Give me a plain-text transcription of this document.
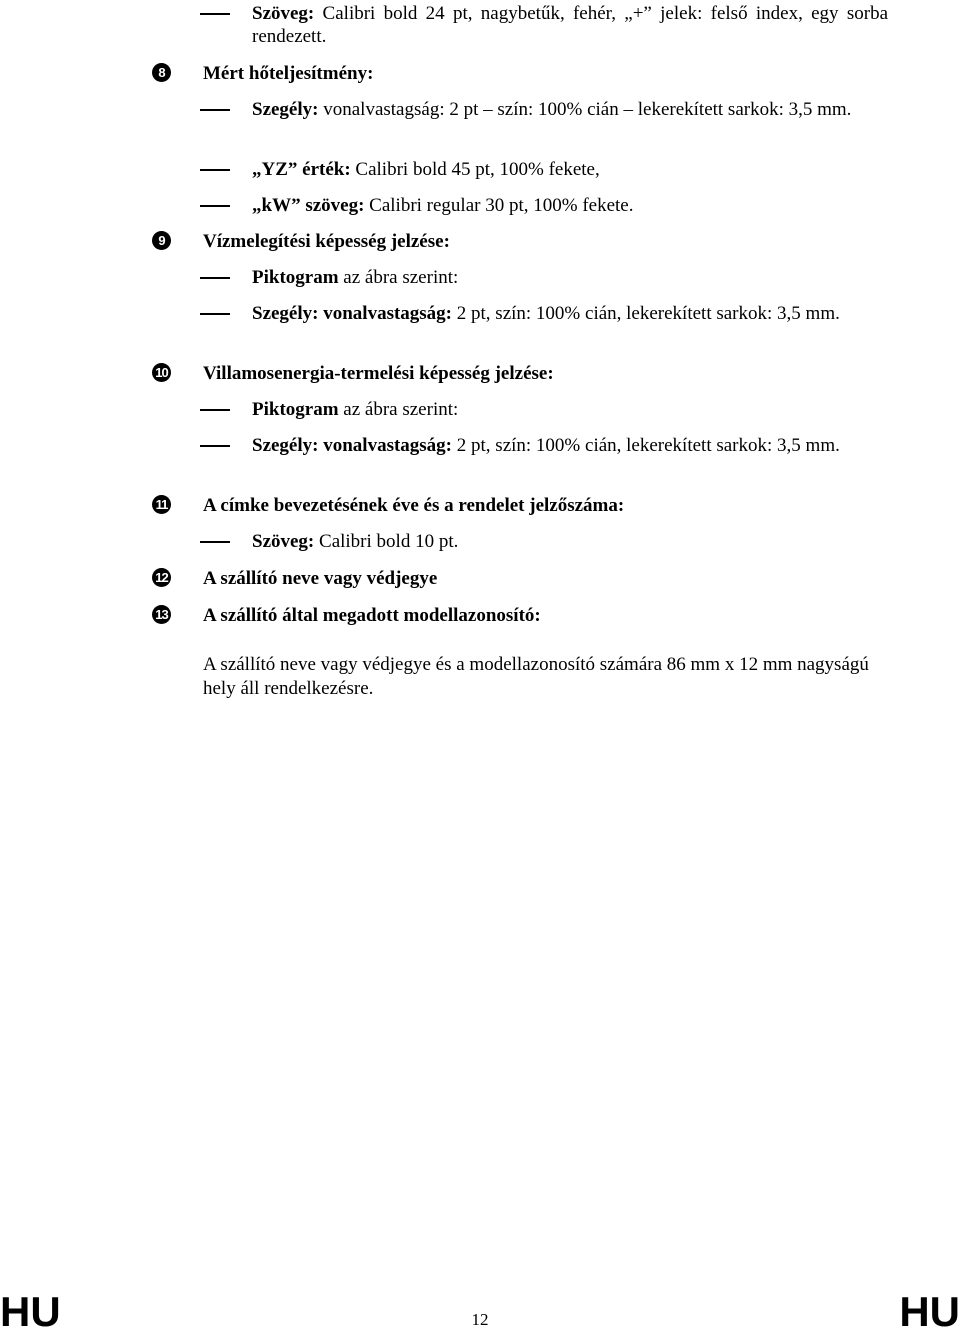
Szöveg: Calibri bold 24 pt, nagybetűk, fehér, „+” jelek: felső index, egy sorba rendezett.
8	Mért hőteljesítmény:
Szegély: vonalvastagság: 2 pt – szín: 100% cián – lekerekített sarkok: 3,5 mm.
„YZ” érték: Calibri bold 45 pt, 100% fekete,
„kW” szöveg: Calibri regular 30 pt, 100% fekete.
9	Vízmelegítési képesség jelzése:
Piktogram az ábra szerint:
Szegély: vonalvastagság: 2 pt, szín: 100% cián, lekerekített sarkok: 3,5 mm.
10 Villamosenergia-termelési képesség jelzése:
Piktogram az ábra szerint:
Szegély: vonalvastagság: 2 pt, szín: 100% cián, lekerekített sarkok: 3,5 mm.
11 A címke bevezetésének éve és a rendelet jelzőszáma:
Szöveg: Calibri bold 10 pt.
12 A szállító neve vagy védjegye
13 A szállító által megadott modellazonosító:
A szállító neve vagy védjegye és a modellazonosító számára 86 mm x 12 mm nagyságú hely áll rendelkezésre.
HU	12	HU
